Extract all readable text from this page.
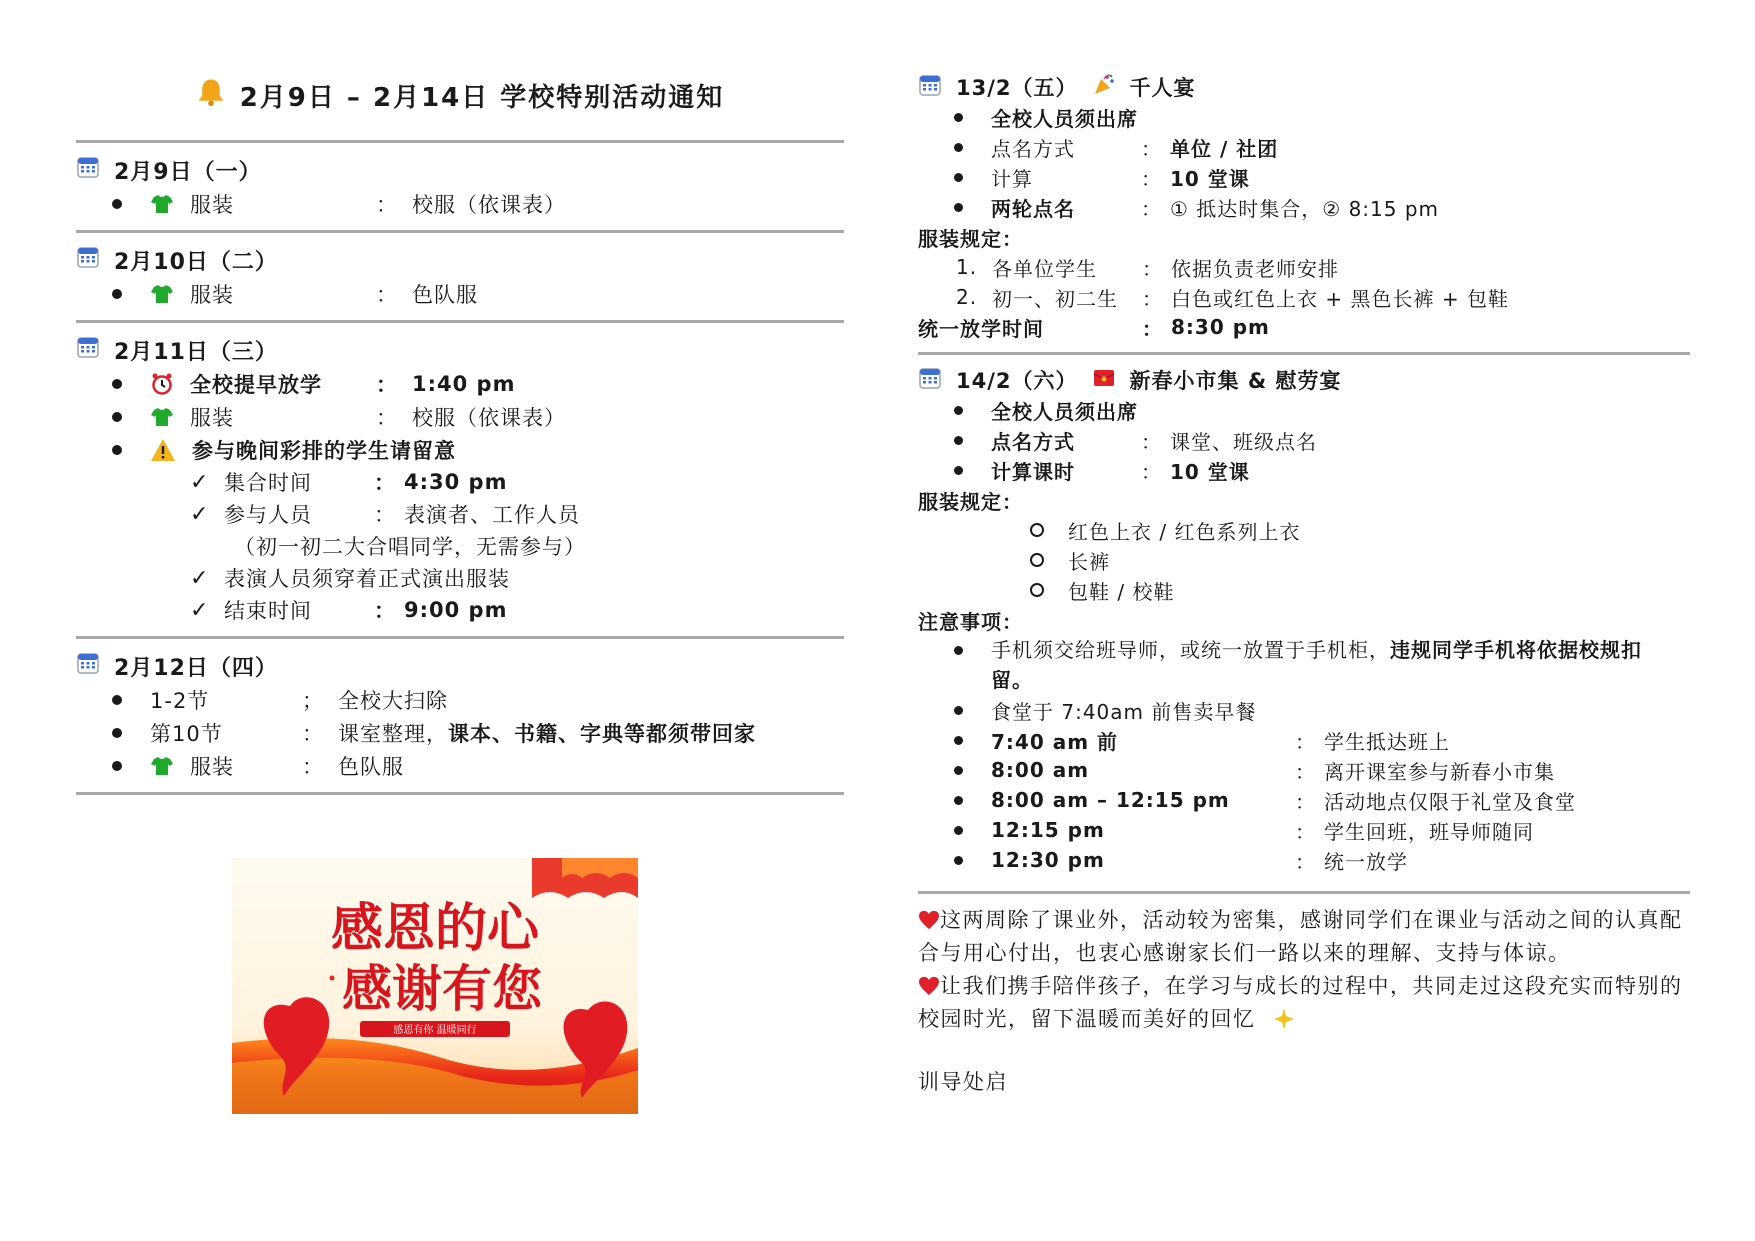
2月9日 – 2月14日 学校特别活动通知
2月9日（一）
服装	： 校服（依课表）
2月10日（二）
服装	： 色队服
2月11日（三）
全校提早放学	： 1:40 pm
服装	： 校服（依课表）
参与晚间彩排的学生请留意
✓ 集合时间	： 4:30 pm
✓ 参与人员	： 表演者、工作人员
（初一初二大合唱同学，无需参与）
✓ 表演人员须穿着正式演出服装
✓ 结束时间	： 9:00 pm
2月12日（四）
1-2节	； 全校大扫除
第10节	： 课室整理， 课本、书籍、字典等都须带回家
服装	： 色队服
感恩的心
感谢有您
感恩有你 温暖同行
13/2（五） 千人宴
全校人员须出席
点名方式	： 单位 / 社团
计算	： 10 堂课
两轮点名	： ① 抵达时集合，② 8:15 pm
服装规定：
1. 各单位学生	： 依据负责老师安排
2. 初一、初二生	： 白色或红色上衣 + 黑色长裤 + 包鞋
统一放学时间	： 8:30 pm
14/2（六） 新春小市集 & 慰劳宴
全校人员须出席
点名方式	： 课堂、班级点名
计算课时	： 10 堂课
服装规定：
红色上衣 / 红色系列上衣
长裤
包鞋 / 校鞋
注意事项：
手机须交给班导师，或统一放置于手机柜，违规同学手机将依据校规扣留。
食堂于 7:40am 前售卖早餐
7:40 am 前	： 学生抵达班上
8:00 am	： 离开课室参与新春小市集
8:00 am – 12:15 pm	： 活动地点仅限于礼堂及食堂
12:15 pm	： 学生回班，班导师随同
12:30 pm	： 统一放学
这两周除了课业外，活动较为密集，感谢同学们在课业与活动之间的认真配合与用心付出，也衷心感谢家长们一路以来的理解、支持与体谅。
让我们携手陪伴孩子，在学习与成长的过程中，共同走过这段充实而特别的校园时光，留下温暖而美好的回忆
训导处启
